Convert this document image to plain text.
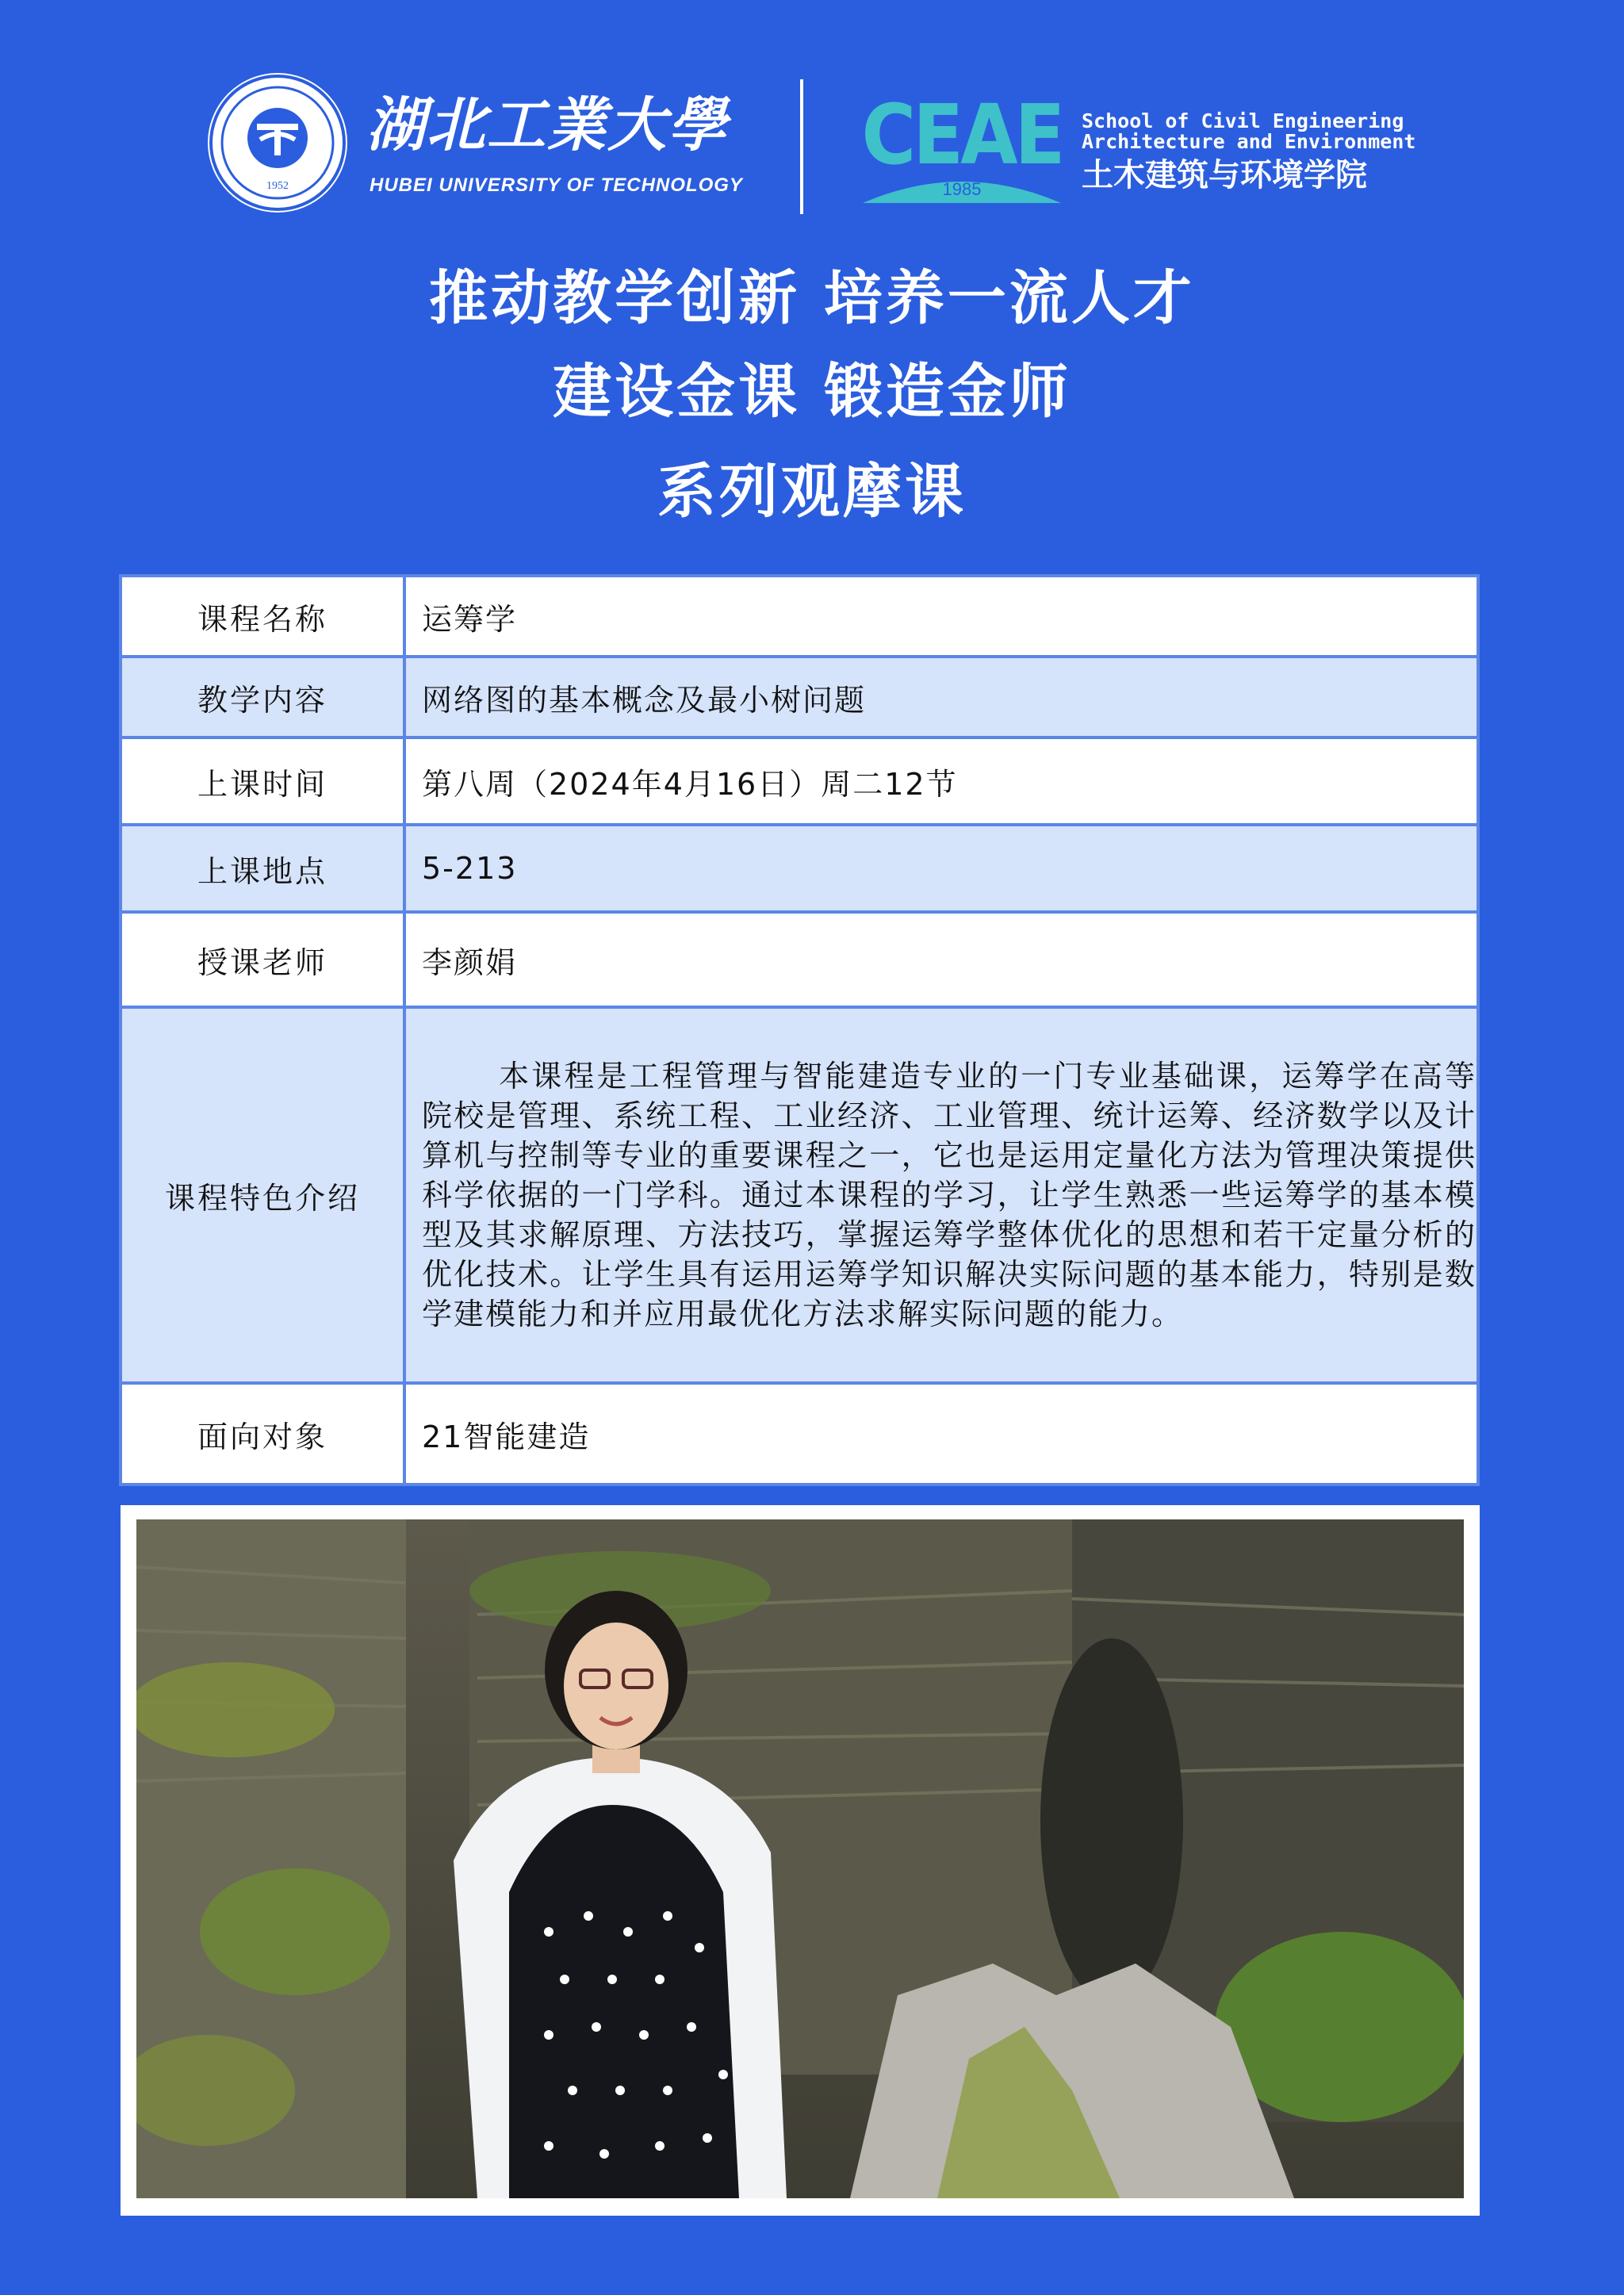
1952
湖北工業大學
HUBEI UNIVERSITY OF TECHNOLOGY
CEAE
1985
School of Civil Engineering
Architecture and Environment
土木建筑与环境学院
推动教学创新 培养一流人才
建设金课 锻造金师
系列观摩课
课程名称	运筹学
教学内容	网络图的基本概念及最小树问题
上课时间	第八周（2024年4月16日）周二12节
上课地点	5-213
授课老师	李颜娟
课程特色介绍	本课程是工程管理与智能建造专业的一门专业基础课，运筹学在高等院校是管理、系统工程、工业经济、工业管理、统计运筹、经济数学以及计算机与控制等专业的重要课程之一，它也是运用定量化方法为管理决策提供科学依据的一门学科。通过本课程的学习，让学生熟悉一些运筹学的基本模型及其求解原理、方法技巧，掌握运筹学整体优化的思想和若干定量分析的优化技术。让学生具有运用运筹学知识解决实际问题的基本能力，特别是数学建模能力和并应用最优化方法求解实际问题的能力。
面向对象	21智能建造
